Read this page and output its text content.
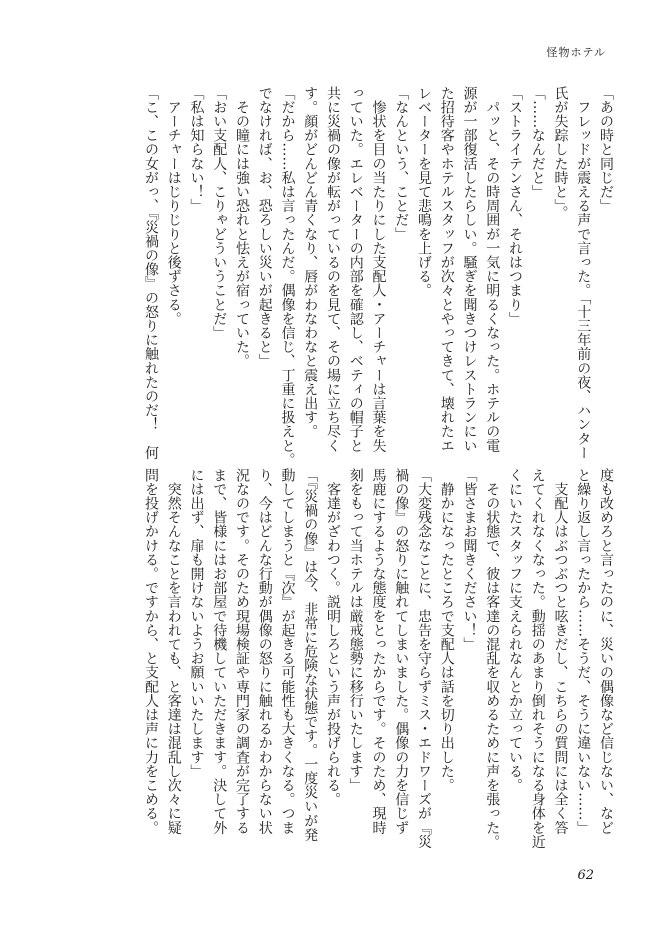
怪物ホテル
「あの時と同じだ」
　フレッドが震える声で言った。「十三年前の夜、ハンター
氏が失踪した時と」。
「……なんだと」
「ストライテンさん、それはつまり」
　パッと、その時周囲が一気に明るくなった。ホテルの電
源が一部復活したらしい。騒ぎを聞きつけレストランにい
た招待客やホテルスタッフが次々とやってきて、壊れたエ
レベーターを見て悲鳴を上げる。
「なんという、ことだ」
　惨状を目の当たりにした支配人・アーチャーは言葉を失
っていた。エレベーターの内部を確認し、ベティの帽子と
共に災禍の像が転がっているのを見て、その場に立ち尽く
す。顔がどんどん青くなり、唇がわなわなと震え出す。
「だから……私は言ったんだ。偶像を信じ、丁重に扱えと。
でなければ、お、恐ろしい災いが起きると」
　その瞳には強い恐れと怯えが宿っていた。
「おい支配人、こりゃどういうことだ」
「私は知らない！」
　アーチャーはじりじりと後ずさる。
「こ、この女がっ、『災禍の像』の怒りに触れたのだ！　何
度も改めろと言ったのに、災いの偶像など信じない、など
と繰り返し言ったから……そうだ、そうに違いない……」
　支配人はぶつぶつと呟きだし、こちらの質問には全く答
えてくれなくなった。動揺のあまり倒れそうになる身体を近
くにいたスタッフに支えられなんとか立っている。
　その状態で、彼は客達の混乱を収めるために声を張った。
「皆さまお聞きください！」
　静かになったところで支配人は話を切り出した。
「大変残念なことに、忠告を守らずミス・エドワーズが『災
禍の像』の怒りに触れてしまいました。偶像の力を信じず
馬鹿にするような態度をとったからです。そのため、現時
刻をもって当ホテルは厳戒態勢に移行いたします」
　客達がざわつく。説明しろという声が投げられる。
「『災禍の像』は今、非常に危険な状態です。一度災いが発
動してしまうと『次』が起きる可能性も大きくなる。つま
り、今はどんな行動が偶像の怒りに触れるかわからない状
況なのです。そのため現場検証や専門家の調査が完了する
まで、皆様にはお部屋で待機していただきます。決して外
には出ず、扉も開けないようお願いいたします」
　突然そんなことを言われても、と客達は混乱し次々に疑
問を投げかける。ですから、と支配人は声に力をこめる。
62
